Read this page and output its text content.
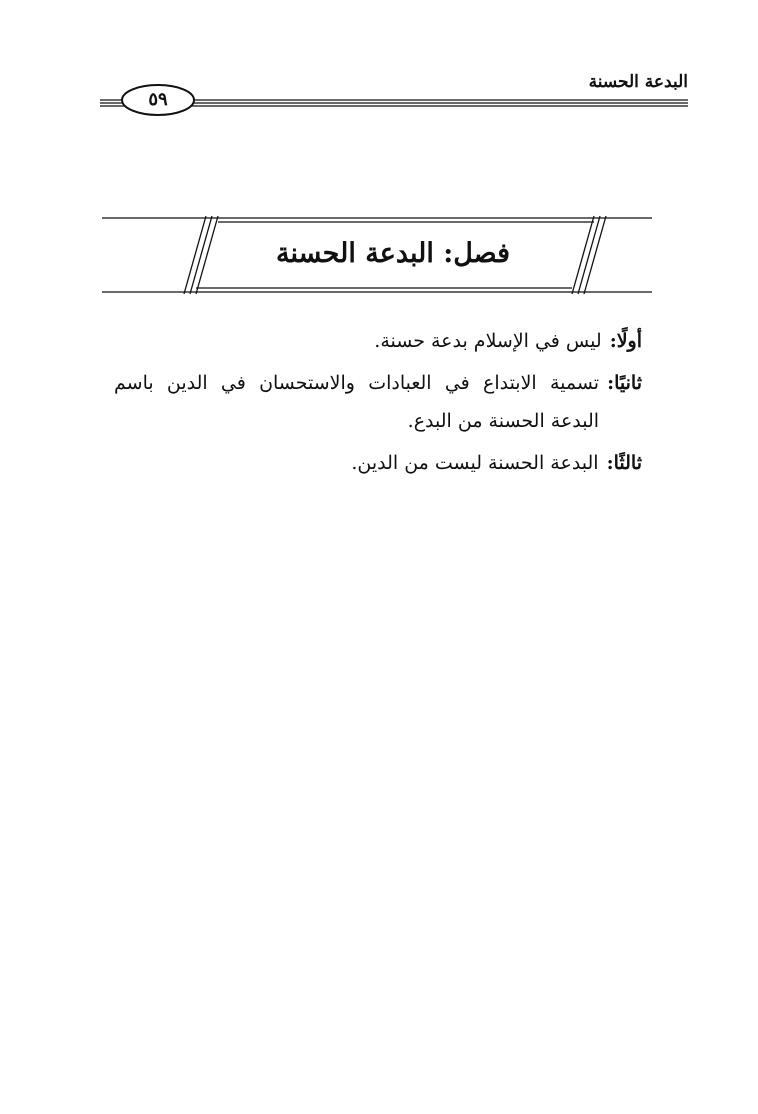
البدعة الحسنة
٥٩
فصل: البدعة الحسنة
أولًا:
ليس في الإسلام بدعة حسنة.
ثانيًا:
تسمية الابتداع في العبادات والاستحسان في الدين باسم البدعة الحسنة من البدع.
ثالثًا:
البدعة الحسنة ليست من الدين.
